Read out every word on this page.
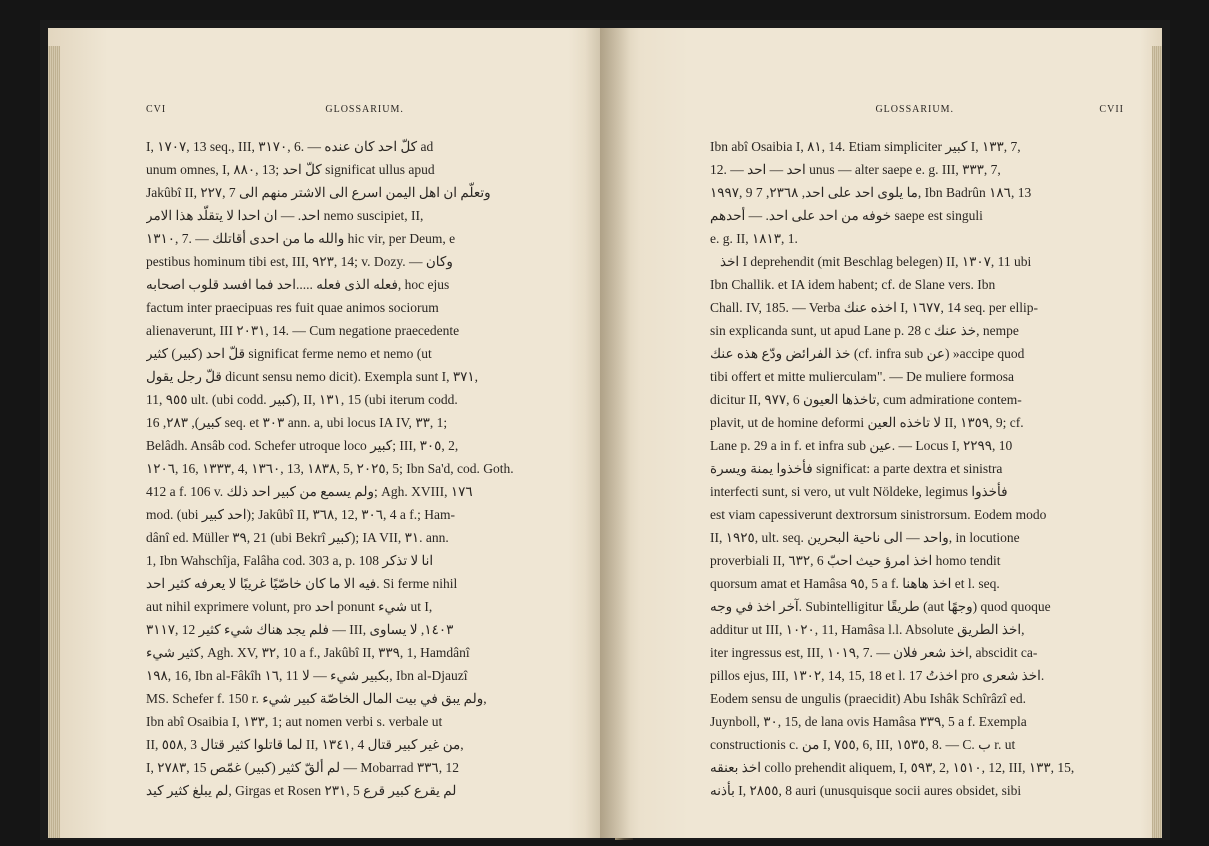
CVI	GLOSSARIUM.
I, ١٧٠٧, 13 seq., III, ٣١٧٠, 6. — كلّ احد كان عنده ad
unum omnes, I, ٨٨٠, 13; كلّ احد significat ullus apud
Jakûbî II, ٢٢٧, 7 وتعلّم ان اهل اليمن اسرع الى الاشتر منهم الى
احد. — ان احدا لا يتقلّد هذا الامر nemo suscipiet, II,
١٣١٠, 7. — والله ما من احدى أقاتلك hic vir, per Deum, e
pestibus hominum tibi est, III, ٩٢٣, 14; v. Dozy. — وكان
فعله الذى فعله .....احد فما افسد قلوب اصحابه, hoc ejus
factum inter praecipuas res fuit quae animos sociorum
alienaverunt, III ٢٠٣١, 14. — Cum negatione praecedente
قلّ احد (كبير) كثير significat ferme nemo et nemo (ut
قلّ رجل يقول dicunt sensu nemo dicit). Exempla sunt I, ٣٧١,
11, ٩٥٥ ult. (ubi codd. كبير), II, ١٣١, 15 (ubi iterum codd.
كبير), ٢٨٣, 16 seq. et ٣٠٣ ann. a, ubi locus IA IV, ٣٣, 1;
Belâdh. Ansâb cod. Schefer utroque loco كبير; III, ٣٠٥, 2,
١٢٠٦, 16, ١٣٣٣, 4, ١٣٦٠, 13, ١٨٣٨, 5, ٢٠٢٥, 5; Ibn Sa'd, cod. Goth.
412 a f. 106 v. ولم يسمع من كبير احد ذلك; Agh. XVIII, ١٧٦
mod. (ubi احد كبير); Jakûbî II, ٣٦٨, 12, ٣٠٦, 4 a f.; Ham-
dânî ed. Müller ٣٩, 21 (ubi Bekrî كبير); IA VII, ٣١. ann.
1, Ibn Wahschîja, Falâha cod. 303 a, p. 108 انا لا تذكر
فيه الا ما كان خاصّيًا غريبًا لا يعرفه كثير احد. Si ferme nihil
aut nihil exprimere volunt, pro احد ponunt شيء ut I,
٣١١٧, 12 فلم يجد هناك شيء كثير — III, ١٤٠٣, لا يساوى
كثير شيء, Agh. XV, ٣٢, 10 a f., Jakûbî II, ٣٣٩, 1, Hamdânî
١٩٨, 16, Ibn al-Fâkîh ١٦, 11 بكبير شيء — لا, Ibn al-Djauzî
MS. Schefer f. 150 r. ولم يبق في بيت المال الخاصّة كبير شيء,
Ibn abî Osaibia I, ١٣٣, 1; aut nomen verbi s. verbale ut
II, ٥٥٨, 3 لما قاتلوا كثير قتال II, ١٣٤١, 4 من غير كبير قتال,
I, ٢٧٨٣, 15 لم ألقّ كثير (كبير) غمّص — Mobarrad ٣٣٦, 12
لم يبلغ كثير كيد, Girgas et Rosen ٢٣١, 5 لم يقرع كبير قرع
GLOSSARIUM.	CVII
Ibn abî Osaibia I, ٨١, 14. Etiam simpliciter كبير I, ١٣٣, 7,
12. — احد — احد unus — alter saepe e. g. III, ٣٣٣, 7,
١٩٩٧, 9 ما يلوى احد على احد, ٢٣٦٨, 7, Ibn Badrûn ١٨٦, 13
خوفه من احد على احد. — أحدهم saepe est singuli
e. g. II, ١٨١٣, 1.
اخذ I deprehendit (mit Beschlag belegen) II, ١٣٠٧, 11 ubi
Ibn Challik. et IA idem habent; cf. de Slane vers. Ibn
Chall. IV, 185. — Verba اخذه عنك I, ١٦٧٧, 14 seq. per ellip-
sin explicanda sunt, ut apud Lane p. 28 c خذ عنك, nempe
خذ الفرائض ودّع هذه عنك (cf. infra sub عن) »accipe quod
tibi offert et mitte mulierculam". — De muliere formosa
dicitur II, ٩٧٧, 6 تاخذها العيون, cum admiratione contem-
plavit, ut de homine deformi لا تاخذه العين II, ١٣٥٩, 9; cf.
Lane p. 29 a in f. et infra sub عين. — Locus I, ٢٢٩٩, 10
فأخذوا يمنة ويسرة significat: a parte dextra et sinistra
interfecti sunt, si vero, ut vult Nöldeke, legimus فأخذوا
est viam capessiverunt dextrorsum sinistrorsum. Eodem modo
II, ١٩٢٥, ult. seq. واحد — الى ناحية البحرين, in locutione
proverbiali II, ٦٣٢, 6 اخذ امرؤ حيث احبّ homo tendit
quorsum amat et Hamâsa ٩٥, 5 a f. اخذ هاهنا et l. seq.
آخر اخذ في وجه. Subintelligitur طريقًا (aut وجهًا) quod quoque
additur ut III, ١٠٢٠, 11, Hamâsa l.l. Absolute اخذ الطريق,
iter ingressus est, III, ١٠١٩, 7. — اخذ شعر فلان, abscidit ca-
pillos ejus, III, ١٣٠٢, 14, 15, 18 et l. 17 اخذتُ pro اخذ شعرى.
Eodem sensu de ungulis (praecidit) Abu Ishâk Schîrâzî ed.
Juynboll, ٣٠, 15, de lana ovis Hamâsa ٣٣٩, 5 a f. Exempla
constructionis c. من I, ٧٥٥, 6, III, ١٥٣٥, 8. — C. ب r. ut
اخذ بعنقه collo prehendit aliquem, I, ٥٩٣, 2, ١٥١٠, 12, III, ١٣٣, 15,
بأذنه I, ٢٨٥٥, 8 auri (unusquisque socii aures obsidet, sibi
